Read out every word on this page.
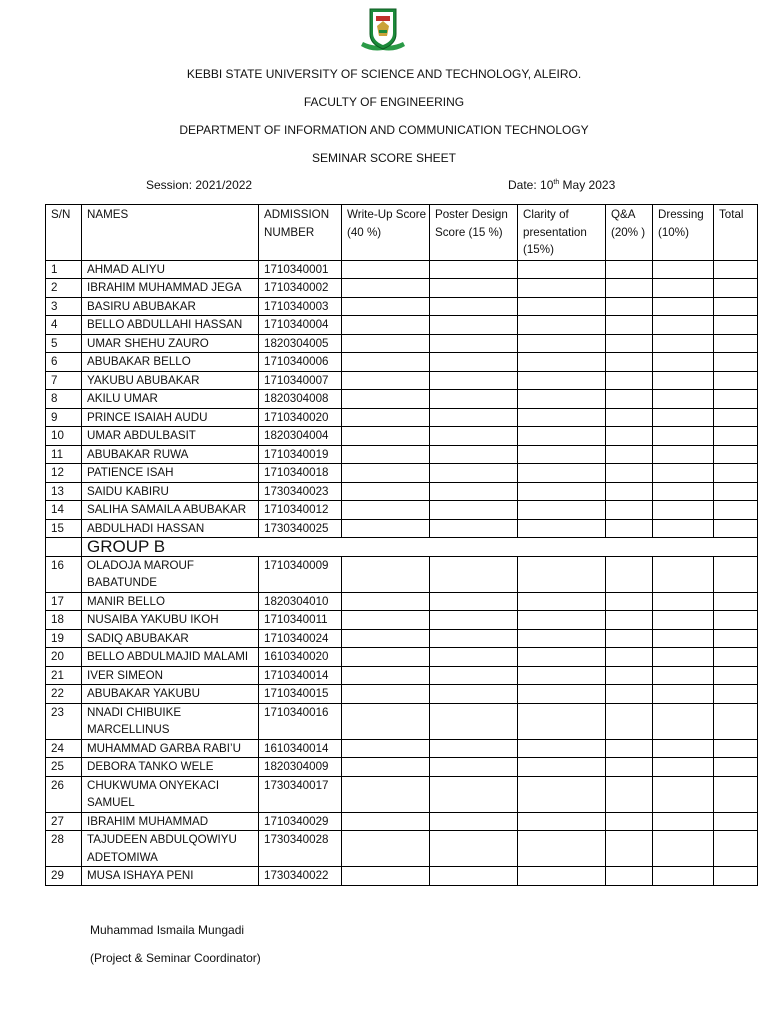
KEBBI STATE UNIVERSITY OF SCIENCE AND TECHNOLOGY, ALEIRO.
FACULTY OF ENGINEERING
DEPARTMENT OF INFORMATION AND COMMUNICATION TECHNOLOGY
SEMINAR SCORE SHEET
Session: 2021/2022	Date: 10th May 2023
S/N	NAMES	ADMISSION NUMBER	Write-Up Score (40 %)	Poster Design Score (15 %)	Clarity of presentation (15%)	Q&A (20% )	Dressing (10%)	Total
1	AHMAD ALIYU	1710340001						
2	IBRAHIM MUHAMMAD JEGA	1710340002						
3	BASIRU ABUBAKAR	1710340003						
4	BELLO ABDULLAHI HASSAN	1710340004						
5	UMAR SHEHU ZAURO	1820304005						
6	ABUBAKAR BELLO	1710340006						
7	YAKUBU ABUBAKAR	1710340007						
8	AKILU UMAR	1820304008						
9	PRINCE ISAIAH AUDU	1710340020						
10	UMAR ABDULBASIT	1820304004						
11	ABUBAKAR RUWA	1710340019						
12	PATIENCE ISAH	1710340018						
13	SAIDU KABIRU	1730340023						
14	SALIHA SAMAILA ABUBAKAR	1710340012						
15	ABDULHADI HASSAN	1730340025						
	GROUP B							
16	OLADOJA MAROUF BABATUNDE	1710340009						
17	MANIR BELLO	1820304010						
18	NUSAIBA YAKUBU IKOH	1710340011						
19	SADIQ ABUBAKAR	1710340024						
20	BELLO ABDULMAJID MALAMI	1610340020						
21	IVER SIMEON	1710340014						
22	ABUBAKAR YAKUBU	1710340015						
23	NNADI CHIBUIKE MARCELLINUS	1710340016						
24	MUHAMMAD GARBA RABI’U	1610340014						
25	DEBORA TANKO WELE	1820304009						
26	CHUKWUMA ONYEKACI SAMUEL	1730340017						
27	IBRAHIM MUHAMMAD	1710340029						
28	TAJUDEEN ABDULQOWIYU ADETOMIWA	1730340028						
29	MUSA ISHAYA PENI	1730340022						
Muhammad Ismaila Mungadi
(Project & Seminar Coordinator)
